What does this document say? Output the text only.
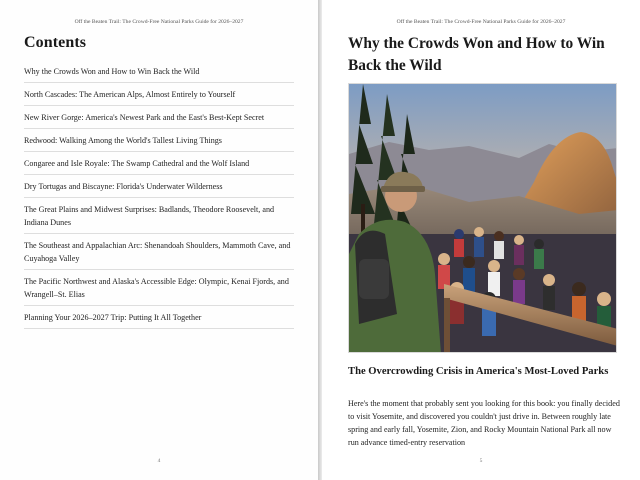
Off the Beaten Trail: The Crowd-Free National Parks Guide for 2026–2027
Contents
Why the Crowds Won and How to Win Back the Wild
North Cascades: The American Alps, Almost Entirely to Yourself
New River Gorge: America's Newest Park and the East's Best-Kept Secret
Redwood: Walking Among the World's Tallest Living Things
Congaree and Isle Royale: The Swamp Cathedral and the Wolf Island
Dry Tortugas and Biscayne: Florida's Underwater Wilderness
The Great Plains and Midwest Surprises: Badlands, Theodore Roosevelt, and Indiana Dunes
The Southeast and Appalachian Arc: Shenandoah Shoulders, Mammoth Cave, and Cuyahoga Valley
The Pacific Northwest and Alaska's Accessible Edge: Olympic, Kenai Fjords, and Wrangell–St. Elias
Planning Your 2026–2027 Trip: Putting It All Together
4
Off the Beaten Trail: The Crowd-Free National Parks Guide for 2026–2027
5
Why the Crowds Won and How to Win Back the Wild
The Overcrowding Crisis in America's Most-Loved Parks

Here's the moment that probably sent you looking for this book: you finally decided to visit Yosemite, and discovered you couldn't just drive in. Between roughly late spring and early fall, Yosemite, Zion, and Rocky Mountain National Park all now run advance timed-entry reservation
